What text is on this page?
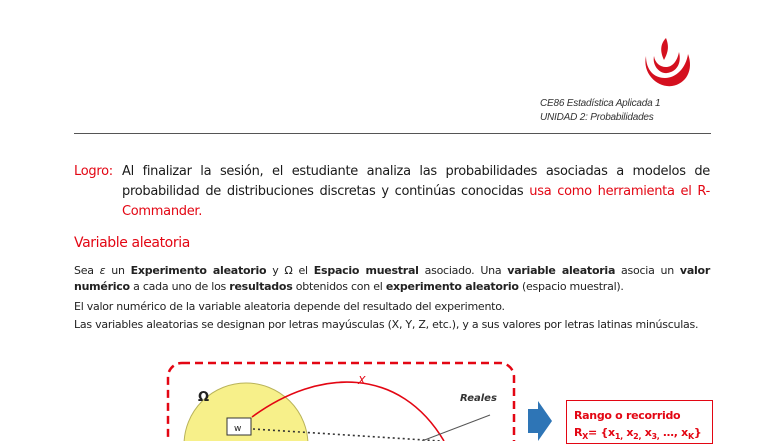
CE86 Estadística Aplicada 1
UNIDAD 2: Probabilidades
Logro: Al finalizar la sesión, el estudiante analiza las probabilidades asociadas a modelos de probabilidad de distribuciones discretas y continúas conocidas usa como herramienta el R-Commander.
Variable aleatoria
Sea ε un Experimento aleatorio y Ω el Espacio muestral asociado. Una variable aleatoria asocia un valor numérico a cada uno de los resultados obtenidos con el experimento aleatorio (espacio muestral).
El valor numérico de la variable aleatoria depende del resultado del experimento.
Las variables aleatorias se designan por letras mayúsculas (X, Y, Z, etc.), y a sus valores por letras latinas minúsculas.
Ω
w
X
Reales
Rango o recorrido
$R_X= \{x_{1,}$ $x_{2,}$ $x_{3,}$ …, $x_K$}
